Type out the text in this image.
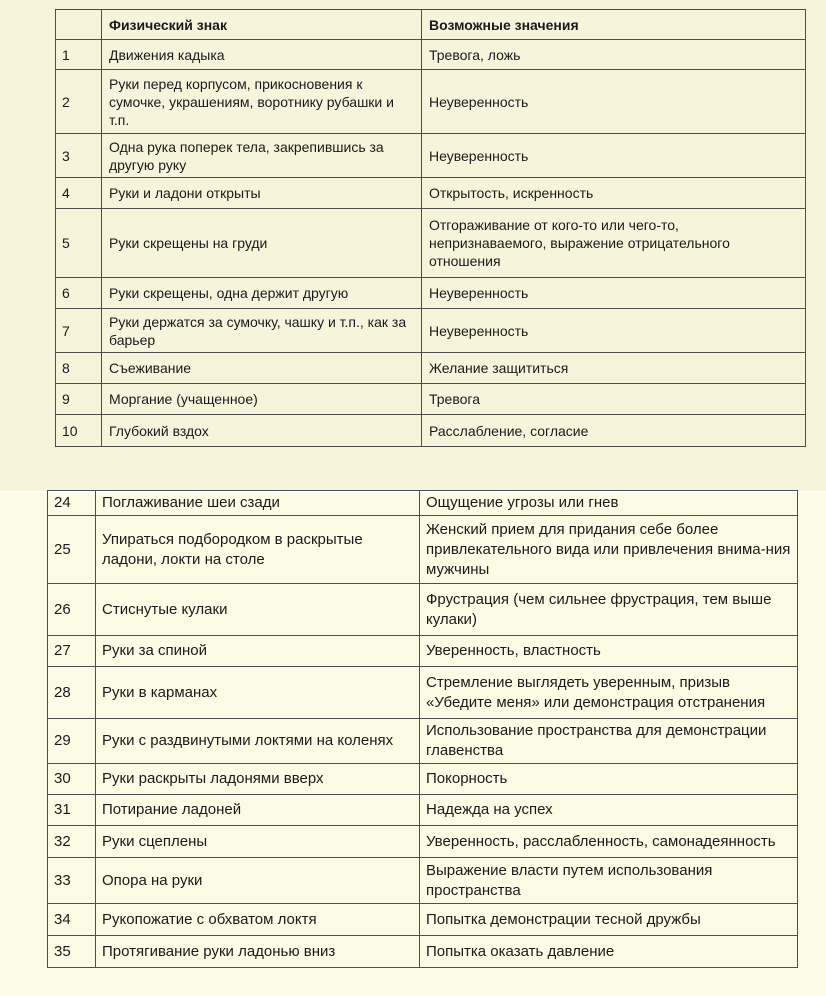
	Физический знак	Возможные значения
1	Движения кадыка	Тревога, ложь
2	Руки перед корпусом, прикосновения к сумочке, украшениям, воротнику рубашки и т.п.	Неуверенность
3	Одна рука поперек тела, закрепившись за другую руку	Неуверенность
4	Руки и ладони открыты	Открытость, искренность
5	Руки скрещены на груди	Отгораживание от кого-то или чего-то, непризнаваемого, выражение отрицательного отношения
6	Руки скрещены, одна держит другую	Неуверенность
7	Руки держатся за сумочку, чашку и т.п., как за барьер	Неуверенность
8	Съеживание	Желание защититься
9	Моргание (учащенное)	Тревога
10	Глубокий вздох	Расслабление, согласие
24	Поглаживание шеи сзади	Ощущение угрозы или гнев
25	Упираться подбородком в раскрытые ладони, локти на столе	Женский прием для придания себе более привлекательного вида или привлечения внима-ния мужчины
26	Стиснутые кулаки	Фрустрация (чем сильнее фрустрация, тем выше кулаки)
27	Руки за спиной	Уверенность, властность
28	Руки в карманах	Стремление выглядеть уверенным, призыв «Убедите меня» или демонстрация отстранения
29	Руки с раздвинутыми локтями на коленях	Использование пространства для демонстрации главенства
30	Руки раскрыты ладонями вверх	Покорность
31	Потирание ладоней	Надежда на успех
32	Руки сцеплены	Уверенность, расслабленность, самонадеянность
33	Опора на руки	Выражение власти путем использования пространства
34	Рукопожатие с обхватом локтя	Попытка демонстрации тесной дружбы
35	Протягивание руки ладонью вниз	Попытка оказать давление
